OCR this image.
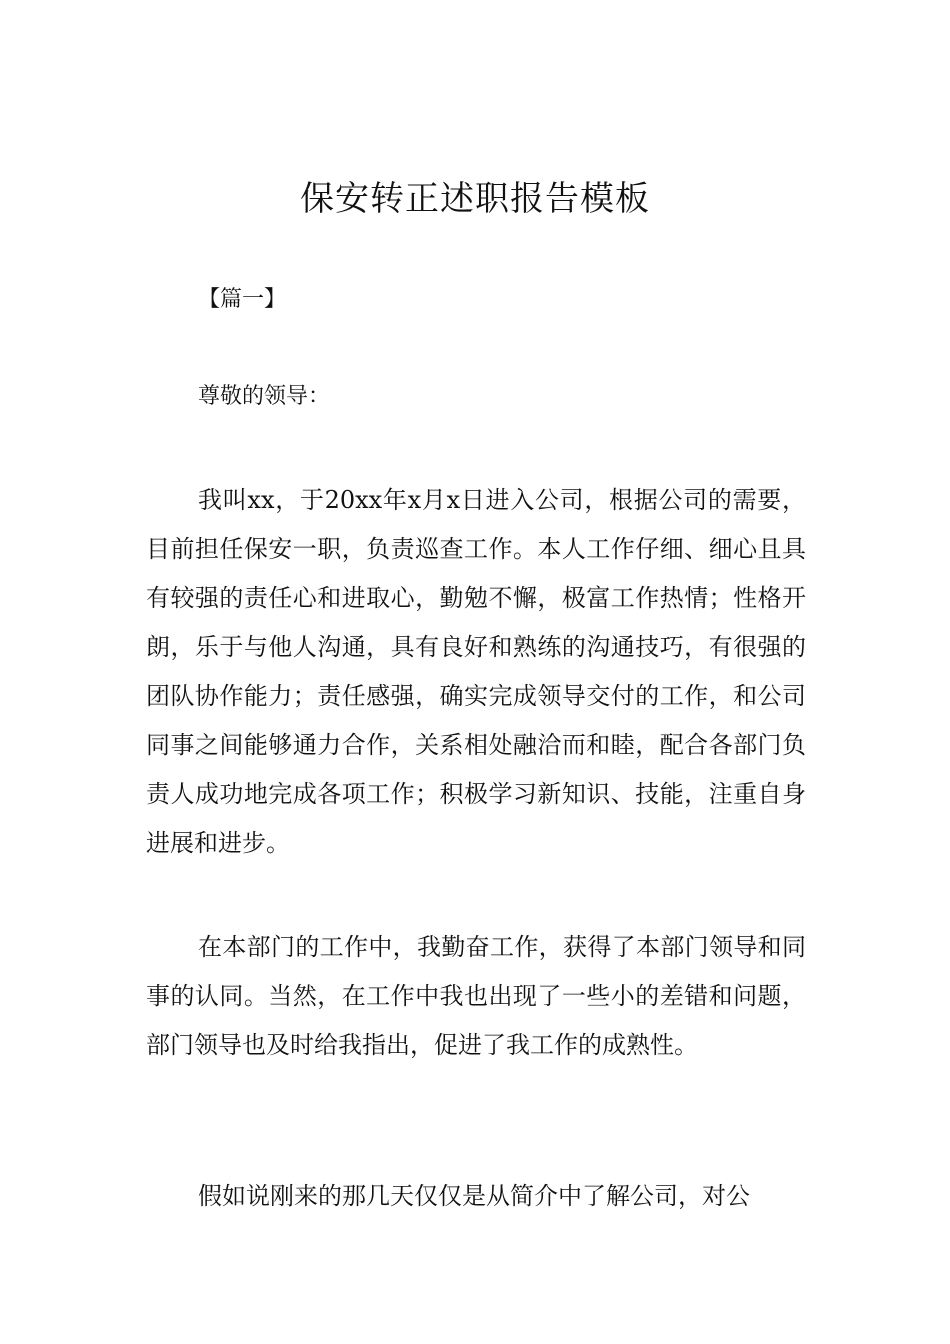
保安转正述职报告模板

【篇一】

尊敬的领导：

我叫xx，于20xx年x月x日进入公司，根据公司的需要，目前担任保安一职，负责巡查工作。本人工作仔细、细心且具有较强的责任心和进取心，勤勉不懈，极富工作热情；性格开朗，乐于与他人沟通，具有良好和熟练的沟通技巧，有很强的团队协作能力；责任感强，确实完成领导交付的工作，和公司同事之间能够通力合作，关系相处融洽而和睦，配合各部门负责人成功地完成各项工作；积极学习新知识、技能，注重自身进展和进步。

在本部门的工作中，我勤奋工作，获得了本部门领导和同事的认同。当然，在工作中我也出现了一些小的差错和问题，部门领导也及时给我指出，促进了我工作的成熟性。

假如说刚来的那几天仅仅是从简介中了解公司，对公
